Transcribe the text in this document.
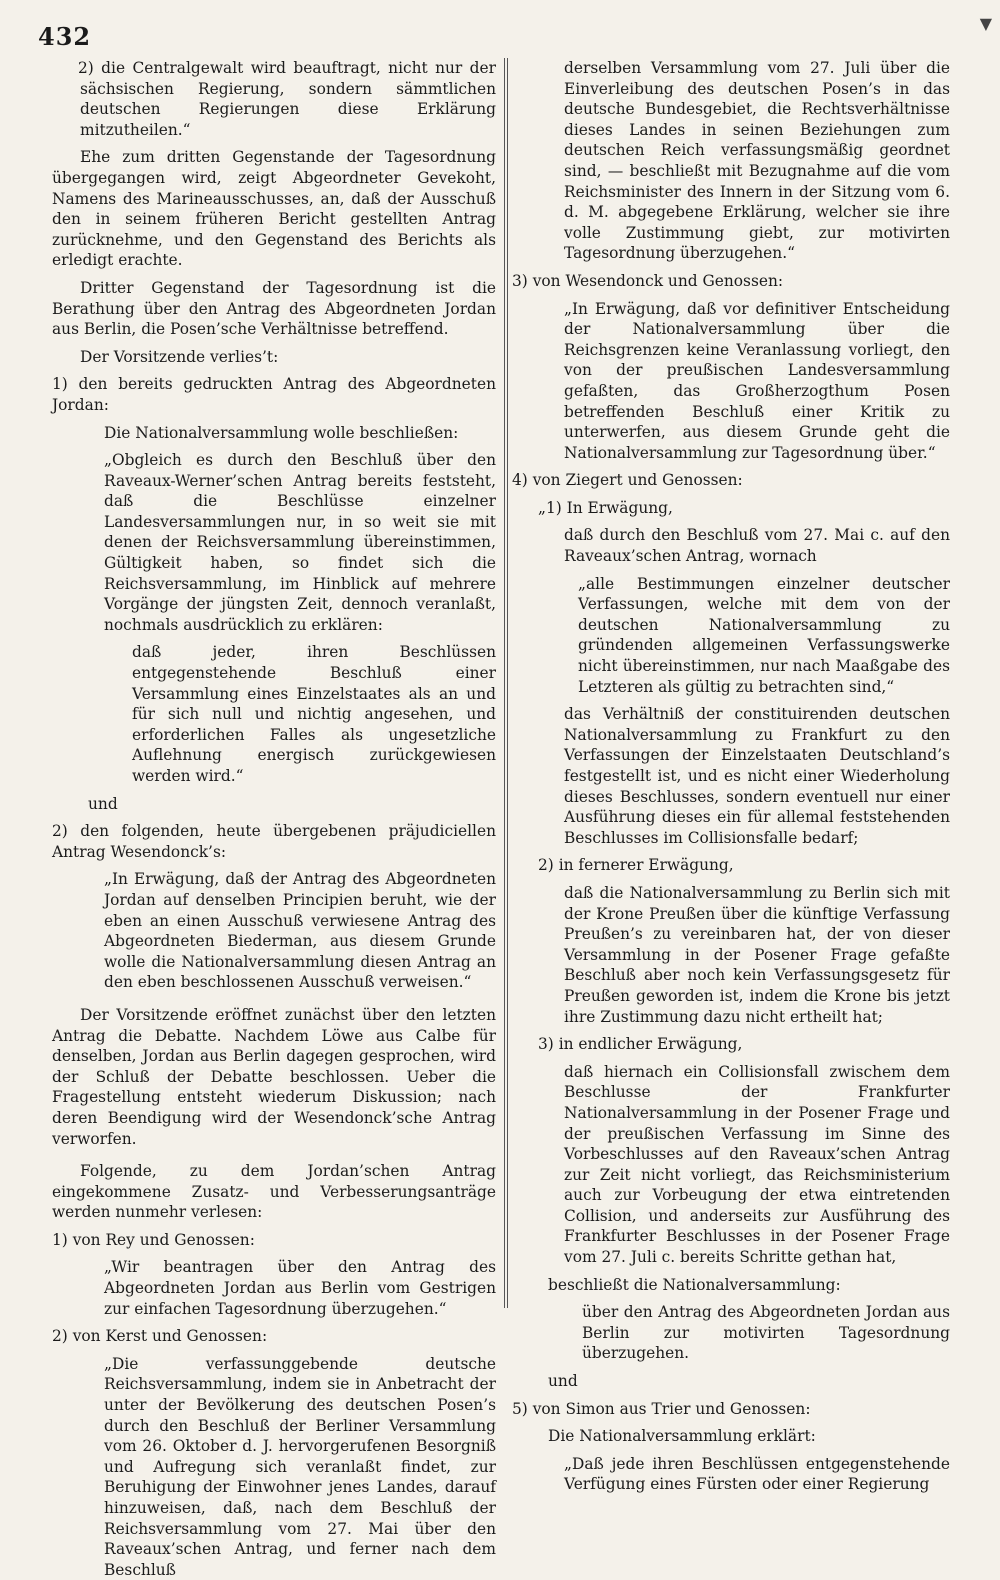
432	▼

2) die Centralgewalt wird beauftragt, nicht nur der sächsischen Regierung, sondern sämmtlichen deutschen Regierungen diese Erklärung mitzutheilen.“

Ehe zum dritten Gegenstande der Tagesordnung übergegangen wird, zeigt Abgeordneter Gevekoht, Namens des Marineausschusses, an, daß der Ausschuß den in seinem früheren Bericht gestellten Antrag zurücknehme, und den Gegenstand des Berichts als erledigt erachte.

Dritter Gegenstand der Tagesordnung ist die Berathung über den Antrag des Abgeordneten Jordan aus Berlin, die Posen’sche Verhältnisse betreffend.

Der Vorsitzende verlies’t:

1) den bereits gedruckten Antrag des Abgeordneten Jordan:

Die Nationalversammlung wolle beschließen:

„Obgleich es durch den Beschluß über den Raveaux-Werner’schen Antrag bereits feststeht, daß die Beschlüsse einzelner Landesversammlungen nur, in so weit sie mit denen der Reichsversammlung übereinstimmen, Gültigkeit haben, so findet sich die Reichsversammlung, im Hinblick auf mehrere Vorgänge der jüngsten Zeit, dennoch veranlaßt, nochmals ausdrücklich zu erklären:

daß jeder, ihren Beschlüssen entgegenstehende Beschluß einer Versammlung eines Einzelstaates als an und für sich null und nichtig angesehen, und erforderlichen Falles als ungesetzliche Auflehnung energisch zurückgewiesen werden wird.“

und

2) den folgenden, heute übergebenen präjudiciellen Antrag Wesendonck’s:

„In Erwägung, daß der Antrag des Abgeordneten Jordan auf denselben Principien beruht, wie der eben an einen Ausschuß verwiesene Antrag des Abgeordneten Biederman, aus diesem Grunde wolle die Nationalversammlung diesen Antrag an den eben beschlossenen Ausschuß verweisen.“

Der Vorsitzende eröffnet zunächst über den letzten Antrag die Debatte. Nachdem Löwe aus Calbe für denselben, Jordan aus Berlin dagegen gesprochen, wird der Schluß der Debatte beschlossen. Ueber die Fragestellung entsteht wiederum Diskussion; nach deren Beendigung wird der Wesendonck’sche Antrag verworfen.

Folgende, zu dem Jordan’schen Antrag eingekommene Zusatz- und Verbesserungsanträge werden nunmehr verlesen:

1) von Rey und Genossen:

„Wir beantragen über den Antrag des Abgeordneten Jordan aus Berlin vom Gestrigen zur einfachen Tagesordnung überzugehen.“

2) von Kerst und Genossen:

„Die verfassunggebende deutsche Reichsversammlung, indem sie in Anbetracht der unter der Bevölkerung des deutschen Posen’s durch den Beschluß der Berliner Versammlung vom 26. Oktober d. J. hervorgerufenen Besorgniß und Aufregung sich veranlaßt findet, zur Beruhigung der Einwohner jenes Landes, darauf hinzuweisen, daß, nach dem Beschluß der Reichsversammlung vom 27. Mai über den Raveaux’schen Antrag, und ferner nach dem Beschluß

derselben Versammlung vom 27. Juli über die Einverleibung des deutschen Posen’s in das deutsche Bundesgebiet, die Rechtsverhältnisse dieses Landes in seinen Beziehungen zum deutschen Reich verfassungsmäßig geordnet sind, — beschließt mit Bezugnahme auf die vom Reichsminister des Innern in der Sitzung vom 6. d. M. abgegebene Erklärung, welcher sie ihre volle Zustimmung giebt, zur motivirten Tagesordnung überzugehen.“

3) von Wesendonck und Genossen:

„In Erwägung, daß vor definitiver Entscheidung der Nationalversammlung über die Reichsgrenzen keine Veranlassung vorliegt, den von der preußischen Landesversammlung gefaßten, das Großherzogthum Posen betreffenden Beschluß einer Kritik zu unterwerfen, aus diesem Grunde geht die Nationalversammlung zur Tagesordnung über.“

4) von Ziegert und Genossen:

„1) In Erwägung,

daß durch den Beschluß vom 27. Mai c. auf den Raveaux’schen Antrag, wornach

„alle Bestimmungen einzelner deutscher Verfassungen, welche mit dem von der deutschen Nationalversammlung zu gründenden allgemeinen Verfassungswerke nicht übereinstimmen, nur nach Maaßgabe des Letzteren als gültig zu betrachten sind,“

das Verhältniß der constituirenden deutschen Nationalversammlung zu Frankfurt zu den Verfassungen der Einzelstaaten Deutschland’s festgestellt ist, und es nicht einer Wiederholung dieses Beschlusses, sondern eventuell nur einer Ausführung dieses ein für allemal feststehenden Beschlusses im Collisionsfalle bedarf;

2) in fernerer Erwägung,

daß die Nationalversammlung zu Berlin sich mit der Krone Preußen über die künftige Verfassung Preußen’s zu vereinbaren hat, der von dieser Versammlung in der Posener Frage gefaßte Beschluß aber noch kein Verfassungsgesetz für Preußen geworden ist, indem die Krone bis jetzt ihre Zustimmung dazu nicht ertheilt hat;

3) in endlicher Erwägung,

daß hiernach ein Collisionsfall zwischem dem Beschlusse der Frankfurter Nationalversammlung in der Posener Frage und der preußischen Verfassung im Sinne des Vorbeschlusses auf den Raveaux’schen Antrag zur Zeit nicht vorliegt, das Reichsministerium auch zur Vorbeugung der etwa eintretenden Collision, und anderseits zur Ausführung des Frankfurter Beschlusses in der Posener Frage vom 27. Juli c. bereits Schritte gethan hat,

beschließt die Nationalversammlung:

über den Antrag des Abgeordneten Jordan aus Berlin zur motivirten Tagesordnung überzugehen.

und

5) von Simon aus Trier und Genossen:

Die Nationalversammlung erklärt:

„Daß jede ihren Beschlüssen entgegenstehende Verfügung eines Fürsten oder einer Regierung
